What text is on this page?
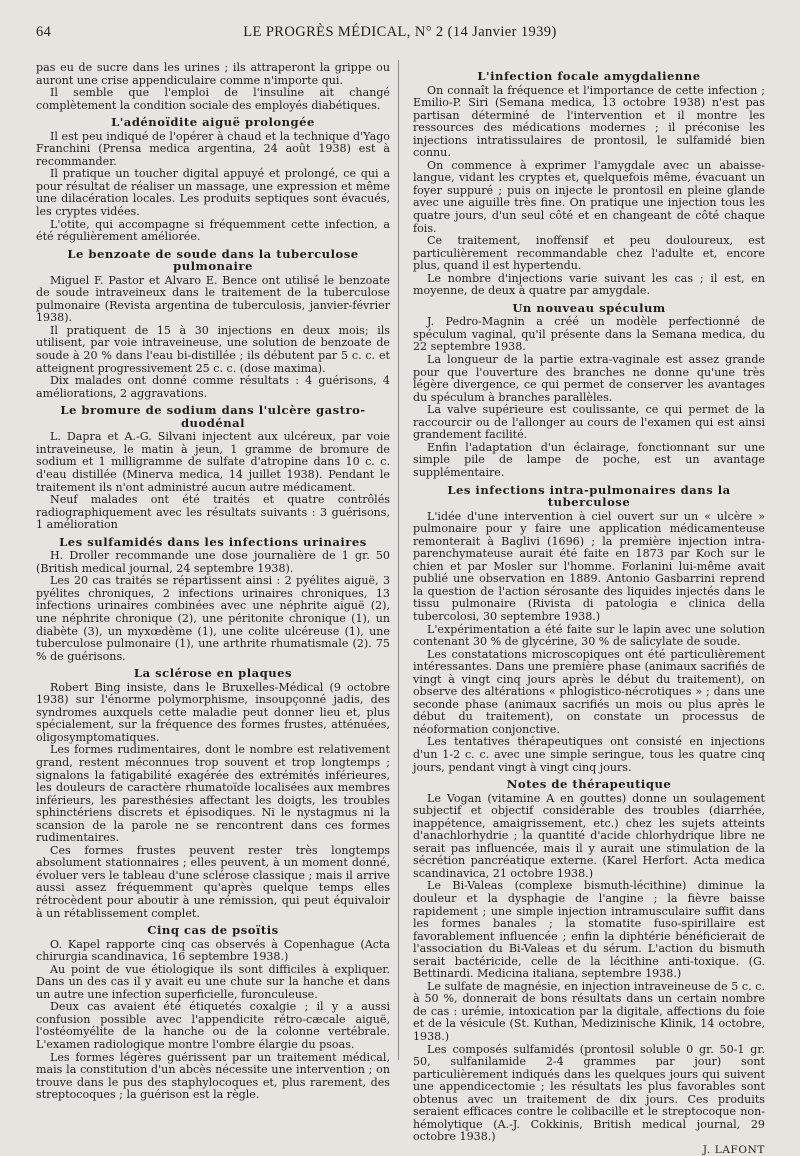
64	LE PROGRÈS MÉDICAL, N° 2 (14 Janvier 1939)

pas eu de sucre dans les urines ; ils attraperont la grippe ou auront une crise appendiculaire comme n'importe qui.

Il semble que l'emploi de l'insuline ait changé complètement la condition sociale des employés diabétiques.

L'adénoïdite aiguë prolongée

Il est peu indiqué de l'opérer à chaud et la technique d'Yago Franchini (Prensa medica argentina, 24 août 1938) est à recommander.

Il pratique un toucher digital appuyé et prolongé, ce qui a pour résultat de réaliser un massage, une expression et même une dilacération locales. Les produits septiques sont évacués, les cryptes vidées.

L'otite, qui accompagne si fréquemment cette infection, a été régulièrement améliorée.

Le benzoate de soude dans la tuberculose pulmonaire

Miguel F. Pastor et Alvaro E. Bence ont utilisé le benzoate de soude intraveineux dans le traitement de la tuberculose pulmonaire (Revista argentina de tuberculosis, janvier-février 1938).

Il pratiquent de 15 à 30 injections en deux mois; ils utilisent, par voie intraveineuse, une solution de benzoate de soude à 20 % dans l'eau bi-distillée ; ils débutent par 5 c. c. et atteignent progressivement 25 c. c. (dose maxima).

Dix malades ont donné comme résultats : 4 guérisons, 4 améliorations, 2 aggravations.

Le bromure de sodium dans l'ulcère gastro-duodénal

L. Dapra et A.-G. Silvani injectent aux ulcéreux, par voie intraveineuse, le matin à jeun, 1 gramme de bromure de sodium et 1 milligramme de sulfate d'atropine dans 10 c. c. d'eau distillée (Minerva medica, 14 juillet 1938). Pendant le traitement ils n'ont administré aucun autre médicament.

Neuf malades ont été traités et quatre contrôlés radiographiquement avec les résultats suivants : 3 guérisons, 1 amélioration

Les sulfamidés dans les infections urinaires

H. Droller recommande une dose journalière de 1 gr. 50 (British medical journal, 24 septembre 1938).

Les 20 cas traités se répartissent ainsi : 2 pyélites aiguë, 3 pyélites chroniques, 2 infections urinaires chroniques, 13 infections urinaires combinées avec une néphrite aiguë (2), une néphrite chronique (2), une péritonite chronique (1), un diabète (3), un myxœdème (1), une colite ulcéreuse (1), une tuberculose pulmonaire (1), une arthrite rhumatismale (2). 75 % de guérisons.

La sclérose en plaques

Robert Bing insiste, dans le Bruxelles-Médical (9 octobre 1938) sur l'énorme polymorphisme, insoupçonné jadis, des syndromes auxquels cette maladie peut donner lieu et, plus spécialement, sur la fréquence des formes frustes, atténuées, oligosymptomatiques.

Les formes rudimentaires, dont le nombre est relativement grand, restent méconnues trop souvent et trop longtemps ; signalons la fatigabilité exagérée des extrémités inférieures, les douleurs de caractère rhumatoïde localisées aux membres inférieurs, les paresthésies affectant les doigts, les troubles sphinctériens discrets et épisodiques. Ni le nystagmus ni la scansion de la parole ne se rencontrent dans ces formes rudimentaires.

Ces formes frustes peuvent rester très longtemps absolument stationnaires ; elles peuvent, à un moment donné, évoluer vers le tableau d'une sclérose classique ; mais il arrive aussi assez fréquemment qu'après quelque temps elles rétrocèdent pour aboutir à une rémission, qui peut équivaloir à un rétablissement complet.

Cinq cas de psoïtis

O. Kapel rapporte cinq cas observés à Copenhague (Acta chirurgia scandinavica, 16 septembre 1938.)

Au point de vue étiologique ils sont difficiles à expliquer. Dans un des cas il y avait eu une chute sur la hanche et dans un autre une infection superficielle, furonculeuse.

Deux cas avaient été étiquetés coxalgie ; il y a aussi confusion possible avec l'appendicite rétro-cæcale aiguë, l'ostéomyélite de la hanche ou de la colonne vertébrale. L'examen radiologique montre l'ombre élargie du psoas.

Les formes légères guérissent par un traitement médical, mais la constitution d'un abcès nécessite une intervention ; on trouve dans le pus des staphylocoques et, plus rarement, des streptocoques ; la guérison est la règle.

L'infection focale amygdalienne

On connaît la fréquence et l'importance de cette infection ; Emilio-P. Siri (Semana medica, 13 octobre 1938) n'est pas partisan déterminé de l'intervention et il montre les ressources des médications modernes ; il préconise les injections intratissulaires de prontosil, le sulfamidé bien connu.

On commence à exprimer l'amygdale avec un abaisse-langue, vidant les cryptes et, quelquefois même, évacuant un foyer suppuré ; puis on injecte le prontosil en pleine glande avec une aiguille très fine. On pratique une injection tous les quatre jours, d'un seul côté et en changeant de côté chaque fois.

Ce traitement, inoffensif et peu douloureux, est particulièrement recommandable chez l'adulte et, encore plus, quand il est hypertendu.

Le nombre d'injections varie suivant les cas ; il est, en moyenne, de deux à quatre par amygdale.

Un nouveau spéculum

J. Pedro-Magnin a créé un modèle perfectionné de spéculum vaginal, qu'il présente dans la Semana medica, du 22 septembre 1938.

La longueur de la partie extra-vaginale est assez grande pour que l'ouverture des branches ne donne qu'une très légère divergence, ce qui permet de conserver les avantages du spéculum à branches parallèles.

La valve supérieure est coulissante, ce qui permet de la raccourcir ou de l'allonger au cours de l'examen qui est ainsi grandement facilité.

Enfin l'adaptation d'un éclairage, fonctionnant sur une simple pile de lampe de poche, est un avantage supplémentaire.

Les infections intra-pulmonaires dans la tuberculose

L'idée d'une intervention à ciel ouvert sur un « ulcère » pulmonaire pour y faire une application médicamenteuse remonterait à Baglivi (1696) ; la première injection intra-parenchymateuse aurait été faite en 1873 par Koch sur le chien et par Mosler sur l'homme. Forlanini lui-même avait publié une observation en 1889. Antonio Gasbarrini reprend la question de l'action sérosante des liquides injectés dans le tissu pulmonaire (Rivista di patologia e clinica della tubercolosi, 30 septembre 1938.)

L'expérimentation a été faite sur le lapin avec une solution contenant 30 % de glycérine, 30 % de salicylate de soude.

Les constatations microscopiques ont été particulièrement intéressantes. Dans une première phase (animaux sacrifiés de vingt à vingt cinq jours après le début du traitement), on observe des altérations « phlogistico-nécrotiques » ; dans une seconde phase (animaux sacrifiés un mois ou plus après le début du traitement), on constate un processus de néoformation conjonctive.

Les tentatives thérapeutiques ont consisté en injections d'un 1-2 c. c. avec une simple seringue, tous les quatre cinq jours, pendant vingt à vingt cinq jours.

Notes de thérapeutique

Le Vogan (vitamine A en gouttes) donne un soulagement subjectif et objectif considérable des troubles (diarrhée, inappétence, amaigrissement, etc.) chez les sujets atteints d'anachlorhydrie ; la quantité d'acide chlorhydrique libre ne serait pas influencée, mais il y aurait une stimulation de la sécrétion pancréatique externe. (Karel Herfort. Acta medica scandinavica, 21 octobre 1938.)

Le Bi-Valeas (complexe bismuth-lécithine) diminue la douleur et la dysphagie de l'angine ; la fièvre baisse rapidement ; une simple injection intramusculaire suffit dans les formes banales ; la stomatite fuso-spirillaire est favorablement influencée ; enfin la diphtérie bénéficierait de l'association du Bi-Valeas et du sérum. L'action du bismuth serait bactéricide, celle de la lécithine anti-toxique. (G. Bettinardi. Medicina italiana, septembre 1938.)

Le sulfate de magnésie, en injection intraveineuse de 5 c. c. à 50 %, donnerait de bons résultats dans un certain nombre de cas : urémie, intoxication par la digitale, affections du foie et de la vésicule (St. Kuthan, Medizinische Klinik, 14 octobre, 1938.)

Les composés sulfamidés (prontosil soluble 0 gr. 50-1 gr. 50, sulfanilamide 2-4 grammes par jour) sont particulièrement indiqués dans les quelques jours qui suivent une appendicectomie ; les résultats les plus favorables sont obtenus avec un traitement de dix jours. Ces produits seraient efficaces contre le colibacille et le streptocoque non-hémolytique (A.-J. Cokkinis, British medical journal, 29 octobre 1938.)

J. LAFONT
